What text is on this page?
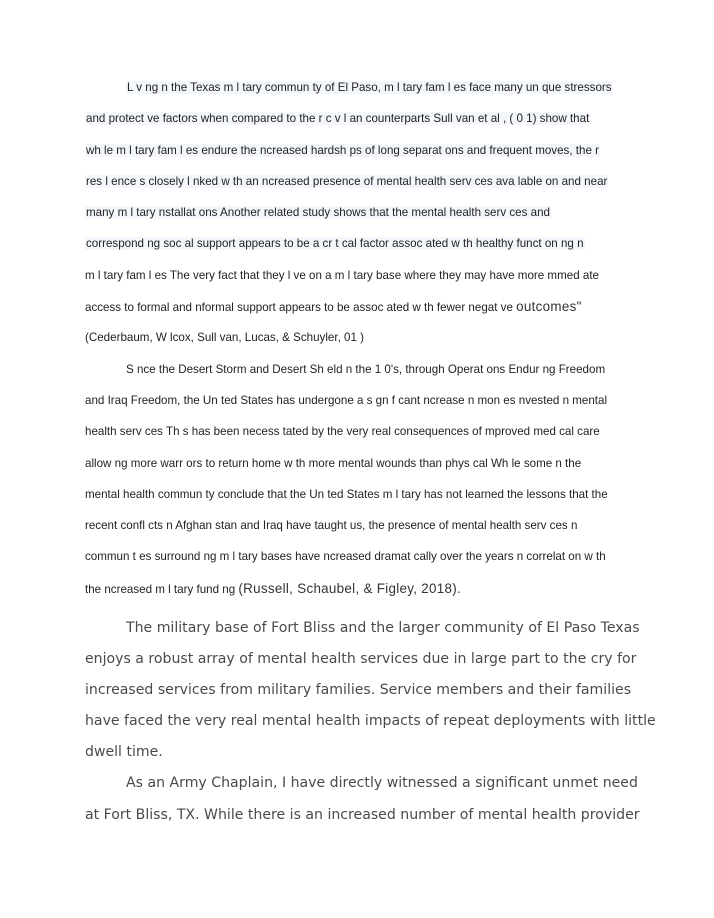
L v ng n the Texas m l tary commun ty of El Paso, m l tary fam l es face many un que stressors
and protect ve factors when compared to the r c v l an counterparts Sull van et al , ( 0 1) show that
wh le m l tary fam l es endure the ncreased hardsh ps of long separat ons and frequent moves, the r
res l ence s closely l nked w th an ncreased presence of mental health serv ces ava lable on and near
many m l tary nstallat ons Another related study shows that the mental health serv ces and
correspond ng soc al support appears to be a cr t cal factor assoc ated w th healthy funct on ng n
m l tary fam l es The very fact that they l ve on a m l tary base where they may have more mmed ate
access to formal and nformal support appears to be assoc ated w th fewer negat ve outcomes"
(Cederbaum, W lcox, Sull van, Lucas, & Schuyler, 01 )
S nce the Desert Storm and Desert Sh eld n the 1 0's, through Operat ons Endur ng Freedom
and Iraq Freedom, the Un ted States has undergone a s gn f cant ncrease n mon es nvested n mental
health serv ces Th s has been necess tated by the very real consequences of mproved med cal care
allow ng more warr ors to return home w th more mental wounds than phys cal Wh le some n the
mental health commun ty conclude that the Un ted States m l tary has not learned the lessons that the
recent confl cts n Afghan stan and Iraq have taught us, the presence of mental health serv ces n
commun t es surround ng m l tary bases have ncreased dramat cally over the years n correlat on w th
the ncreased m l tary fund ng (Russell, Schaubel, & Figley, 2018).
The military base of Fort Bliss and the larger community of El Paso Texas
enjoys a robust array of mental health services due in large part to the cry for
increased services from military families. Service members and their families
have faced the very real mental health impacts of repeat deployments with little
dwell time.
As an Army Chaplain, I have directly witnessed a significant unmet need
at Fort Bliss, TX. While there is an increased number of mental health provider
